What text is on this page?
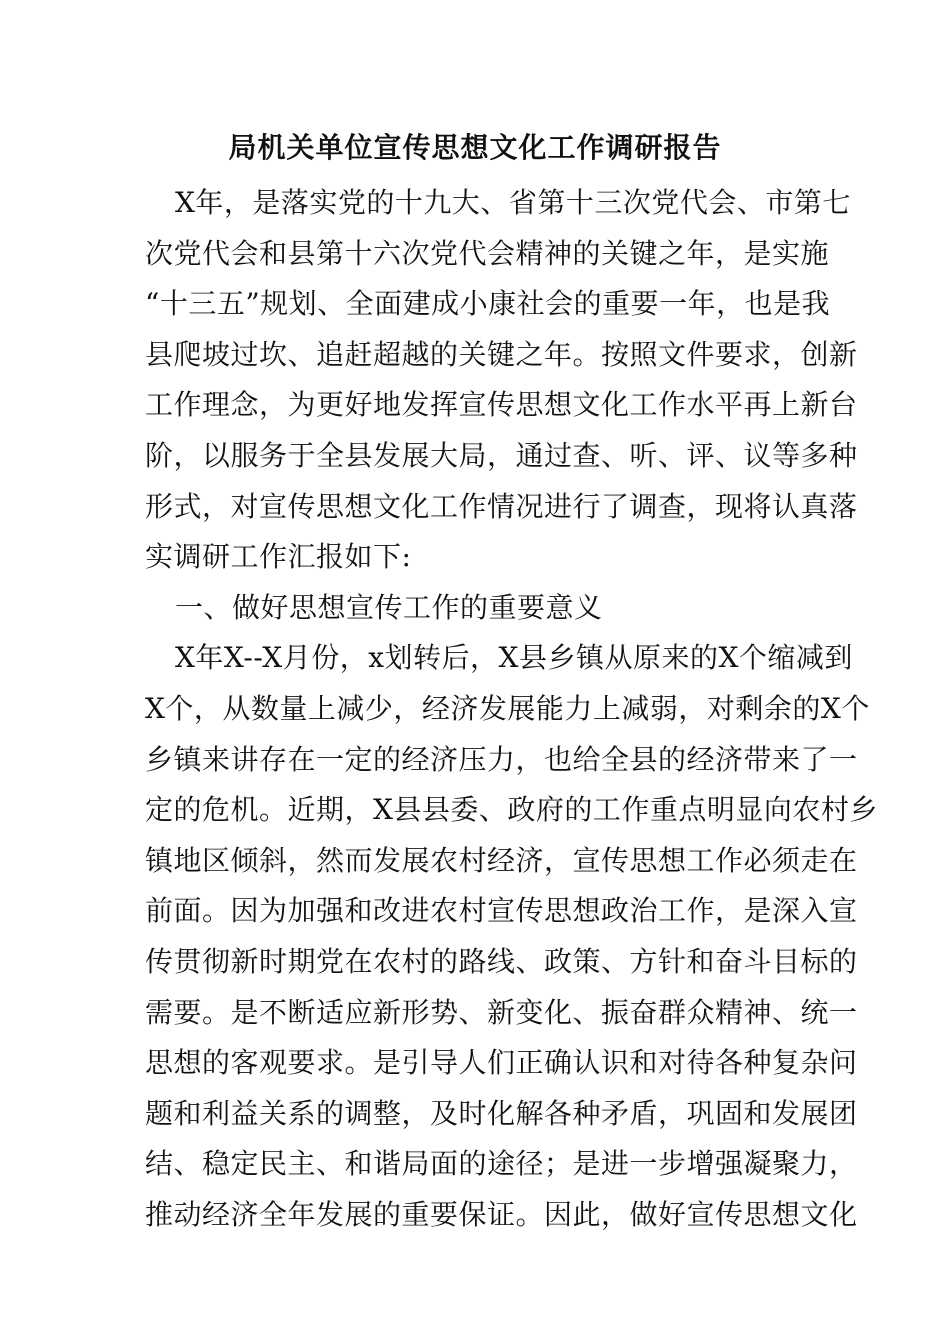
局机关单位宣传思想文化工作调研报告
X年，是落实党的十九大、省第十三次党代会、市第七
次党代会和县第十六次党代会精神的关键之年，是实施
“十三五”规划、全面建成小康社会的重要一年，也是我
县爬坡过坎、追赶超越的关键之年。按照文件要求，创新
工作理念，为更好地发挥宣传思想文化工作水平再上新台
阶，以服务于全县发展大局，通过查、听、评、议等多种
形式，对宣传思想文化工作情况进行了调查，现将认真落
实调研工作汇报如下:
一、做好思想宣传工作的重要意义
X年X--X月份，x划转后，X县乡镇从原来的X个缩减到
X个，从数量上减少，经济发展能力上减弱，对剩余的X个
乡镇来讲存在一定的经济压力，也给全县的经济带来了一
定的危机。近期，X县县委、政府的工作重点明显向农村乡
镇地区倾斜，然而发展农村经济，宣传思想工作必须走在
前面。因为加强和改进农村宣传思想政治工作，是深入宣
传贯彻新时期党在农村的路线、政策、方针和奋斗目标的
需要。是不断适应新形势、新变化、振奋群众精神、统一
思想的客观要求。是引导人们正确认识和对待各种复杂问
题和利益关系的调整，及时化解各种矛盾，巩固和发展团
结、稳定民主、和谐局面的途径；是进一步增强凝聚力，
推动经济全年发展的重要保证。因此，做好宣传思想文化
